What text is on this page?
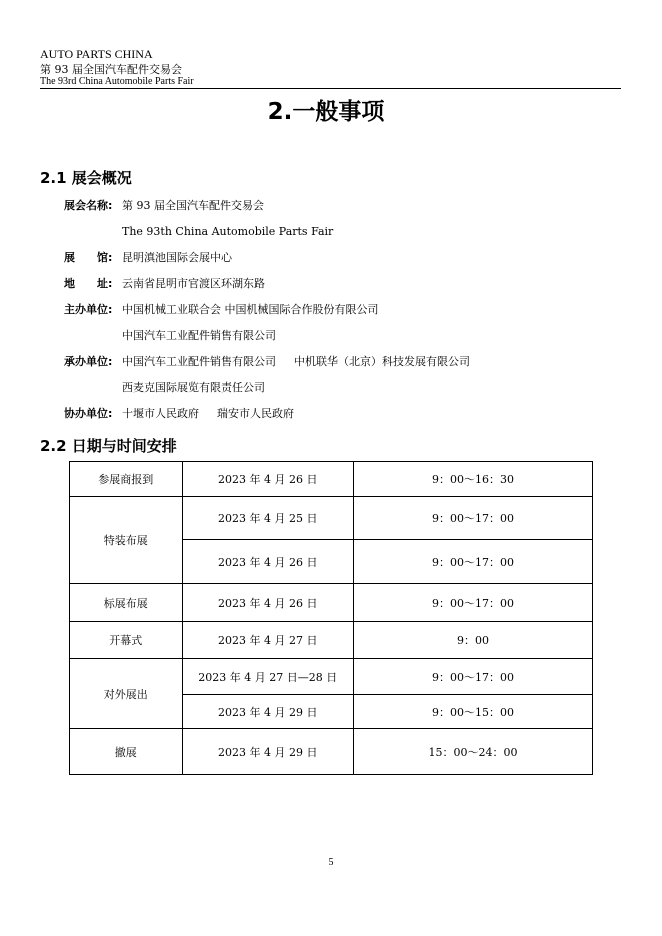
AUTO PARTS CHINA
第 93 届全国汽车配件交易会
The 93rd China Automobile Parts Fair
2.一般事项
2.1 展会概况
展会名称: 第 93 届全国汽车配件交易会
The 93th China Automobile Parts Fair
展　　馆: 昆明滇池国际会展中心
地　　址: 云南省昆明市官渡区环湖东路
主办单位: 中国机械工业联合会 中国机械国际合作股份有限公司
中国汽车工业配件销售有限公司
承办单位: 中国汽车工业配件销售有限公司 中机联华（北京）科技发展有限公司
西麦克国际展览有限责任公司
协办单位: 十堰市人民政府 瑞安市人民政府
2.2 日期与时间安排
参展商报到	2023 年 4 月 26 日	9：00～16：30
特装布展	2023 年 4 月 25 日	9：00～17：00
	2023 年 4 月 26 日	9：00～17：00
标展布展	2023 年 4 月 26 日	9：00～17：00
开幕式	2023 年 4 月 27 日	9：00
对外展出	2023 年 4 月 27 日—28 日	9：00～17：00
	2023 年 4 月 29 日	9：00～15：00
撤展	2023 年 4 月 29 日	15：00～24：00
5
